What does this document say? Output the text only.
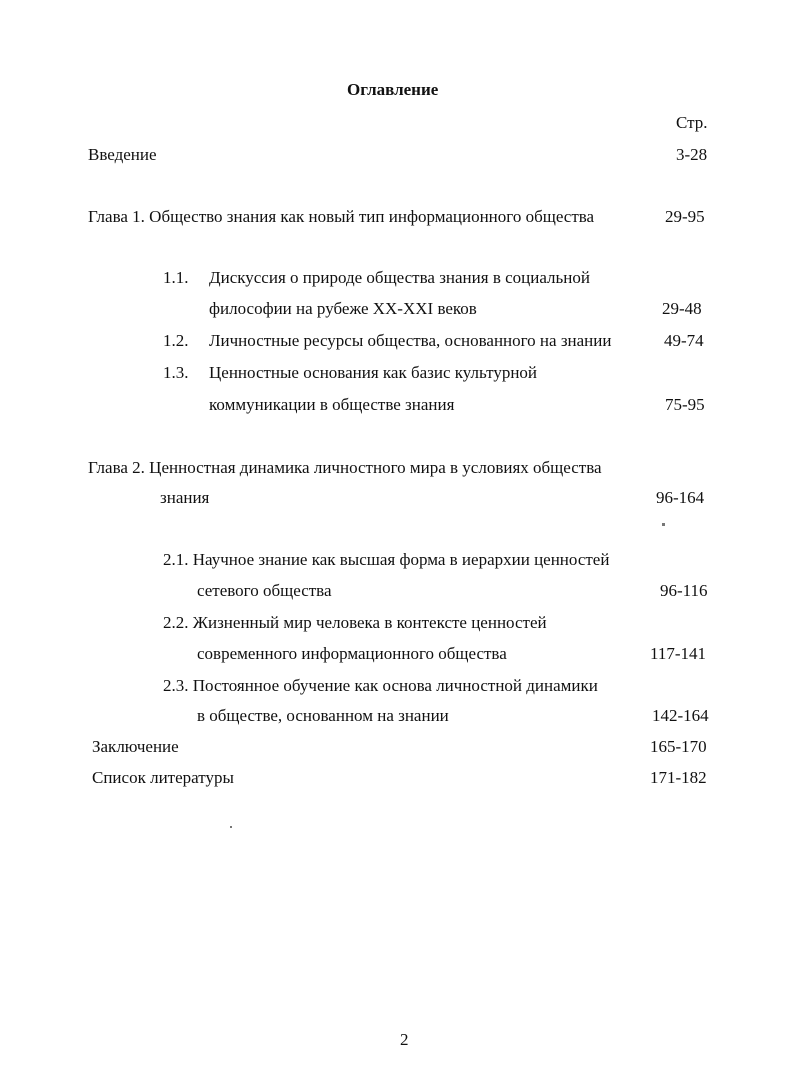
Оглавление
Стр.
Введение	3-28
Глава 1. Общество знания как новый тип информационного общества	29-95
1.1. Дискуссия о природе общества знания в социальной
философии на рубеже XX-XXI веков	29-48
1.2. Личностные ресурсы общества, основанного на знании	49-74
1.3. Ценностные основания как базис культурной
коммуникации в обществе знания	75-95
Глава 2. Ценностная динамика личностного мира в условиях общества
знания	96-164
2.1. Научное знание как высшая форма в иерархии ценностей
сетевого общества	96-116
2.2. Жизненный мир человека в контексте ценностей
современного информационного общества	117-141
2.3. Постоянное обучение как основа личностной динамики
в обществе, основанном на знании	142-164
Заключение	165-170
Список литературы	171-182
2
